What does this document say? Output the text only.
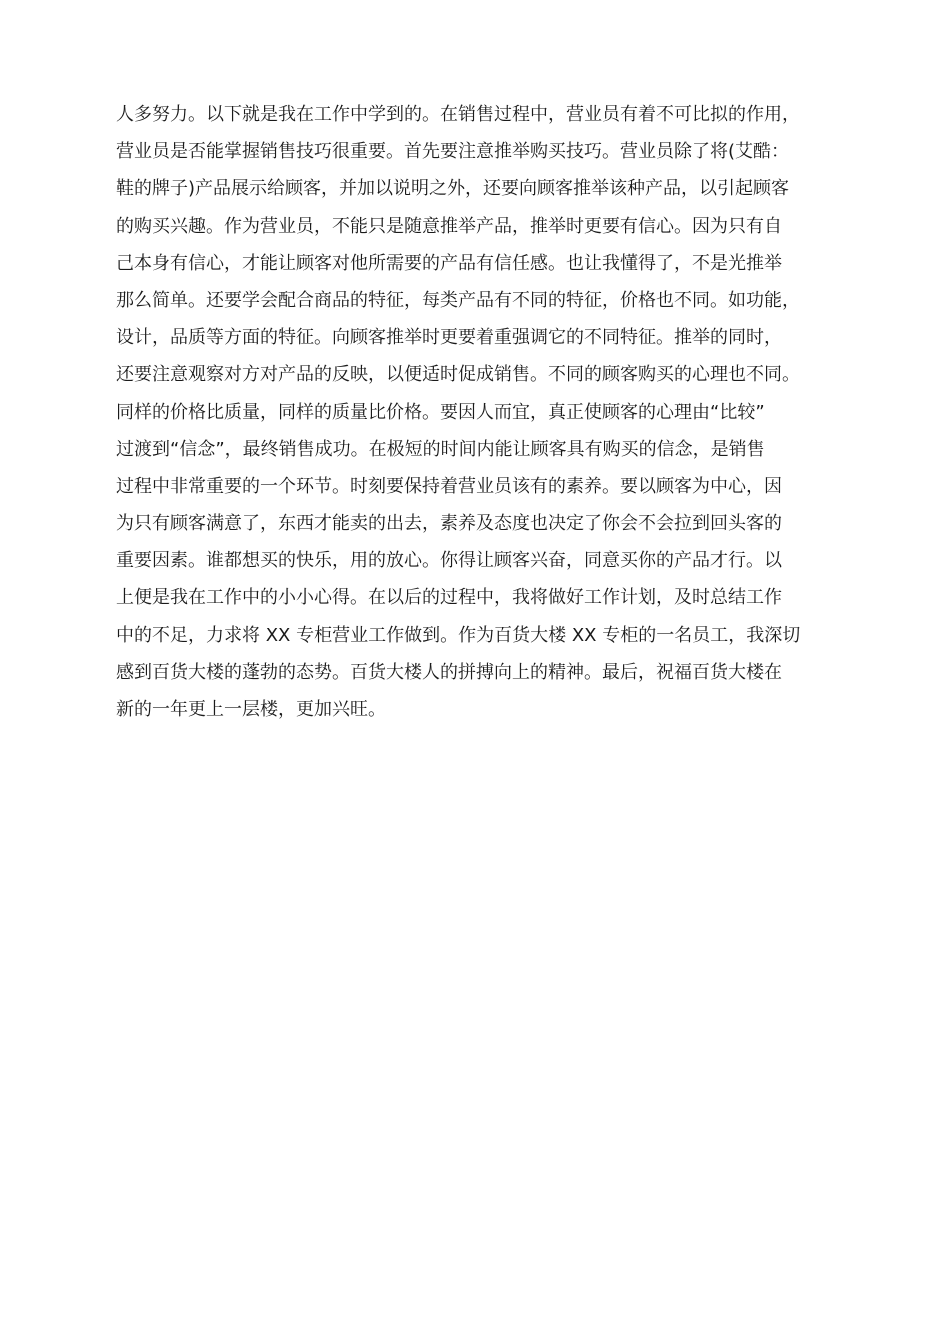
人多努力。以下就是我在工作中学到的。在销售过程中，营业员有着不可比拟的作用，
营业员是否能掌握销售技巧很重要。首先要注意推举购买技巧。营业员除了将(艾酷：
鞋的牌子)产品展示给顾客，并加以说明之外，还要向顾客推举该种产品，以引起顾客
的购买兴趣。作为营业员，不能只是随意推举产品，推举时更要有信心。因为只有自
己本身有信心，才能让顾客对他所需要的产品有信任感。也让我懂得了，不是光推举
那么简单。还要学会配合商品的特征，每类产品有不同的特征，价格也不同。如功能，
设计，品质等方面的特征。向顾客推举时更要着重强调它的不同特征。推举的同时，
还要注意观察对方对产品的反映，以便适时促成销售。不同的顾客购买的心理也不同。
同样的价格比质量，同样的质量比价格。要因人而宜，真正使顾客的心理由“比较”
过渡到“信念”，最终销售成功。在极短的时间内能让顾客具有购买的信念，是销售
过程中非常重要的一个环节。时刻要保持着营业员该有的素养。要以顾客为中心，因
为只有顾客满意了，东西才能卖的出去，素养及态度也决定了你会不会拉到回头客的
重要因素。谁都想买的快乐，用的放心。你得让顾客兴奋，同意买你的产品才行。以
上便是我在工作中的小小心得。在以后的过程中，我将做好工作计划，及时总结工作
中的不足，力求将 XX 专柜营业工作做到。作为百货大楼 XX 专柜的一名员工，我深切
感到百货大楼的蓬勃的态势。百货大楼人的拼搏向上的精神。最后，祝福百货大楼在
新的一年更上一层楼，更加兴旺。
